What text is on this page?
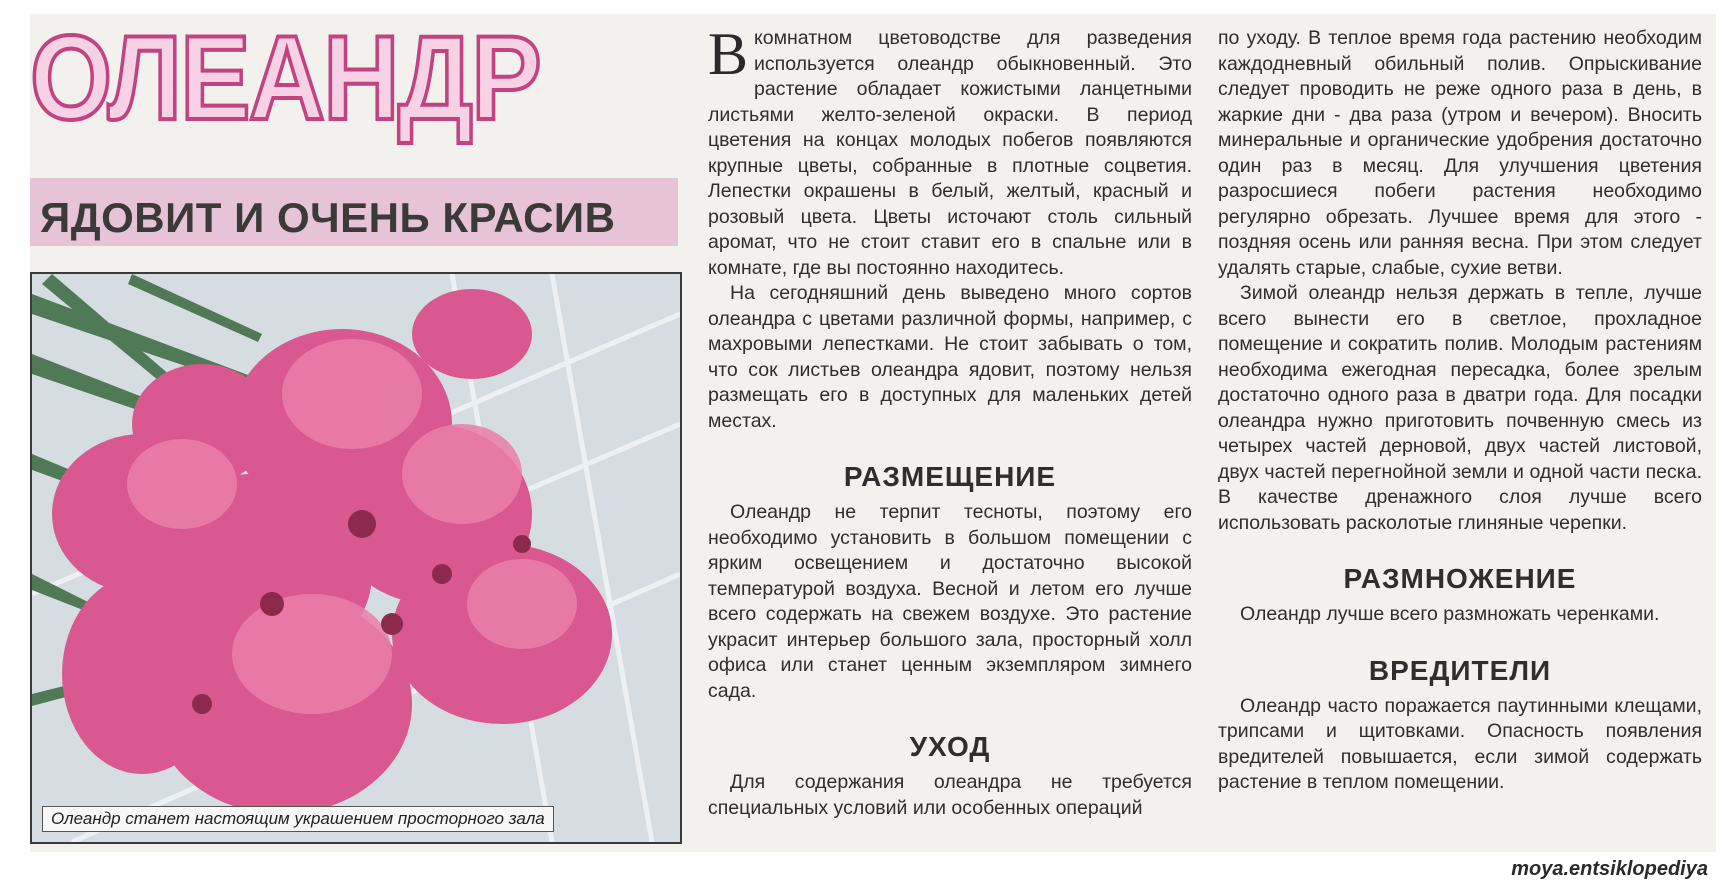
ОЛЕАНДР
ЯДОВИТ И ОЧЕНЬ КРАСИВ
Олеандр станет настоящим украшением просторного зала

Вкомнатном цветоводстве для разведения используется олеандр обыкновенный. Это растение обладает кожистыми ланцетными листьями желто-зеленой окраски. В период цветения на концах молодых побегов появляются крупные цветы, собранные в плотные соцветия. Лепестки окрашены в белый, желтый, красный и розовый цвета. Цветы источают столь сильный аромат, что не стоит ставит его в спальне или в комнате, где вы постоянно находитесь.

На сегодняшний день выведено много сортов олеандра с цветами различной формы, например, с махровыми лепестками. Не стоит забывать о том, что сок листьев олеандра ядовит, поэтому нельзя размещать его в доступных для маленьких детей местах.

РАЗМЕЩЕНИЕ

Олеандр не терпит тесноты, поэтому его необходимо установить в большом помещении с ярким освещением и достаточно высокой температурой воздуха. Весной и летом его лучше всего содержать на свежем воздухе. Это растение украсит интерьер большого зала, просторный холл офиса или станет ценным экземпляром зимнего сада.

УХОД

Для содержания олеандра не требуется специальных условий или особенных операций

по уходу. В теплое время года растению необходим каждодневный обильный полив. Опрыскивание следует проводить не реже одного раза в день, в жаркие дни - два раза (утром и вечером). Вносить минеральные и органические удобрения достаточно один раз в месяц. Для улучшения цветения разросшиеся побеги растения необходимо регулярно обрезать. Лучшее время для этого - поздняя осень или ранняя весна. При этом следует удалять старые, слабые, сухие ветви.

Зимой олеандр нельзя держать в тепле, лучше всего вынести его в светлое, прохладное помещение и сократить полив. Молодым растениям необходима ежегодная пересадка, более зрелым достаточно одного раза в дватри года. Для посадки олеандра нужно приготовить почвенную смесь из четырех частей дерновой, двух частей листовой, двух частей перегнойной земли и одной части песка. В качестве дренажного слоя лучше всего использовать расколотые глиняные черепки.

РАЗМНОЖЕНИЕ

Олеандр лучше всего размножать черенками.

ВРЕДИТЕЛИ

Олеандр часто поражается паутинными клещами, трипсами и щитовками. Опасность появления вредителей повышается, если зимой содержать растение в теплом помещении.

moya.entsiklopediya
